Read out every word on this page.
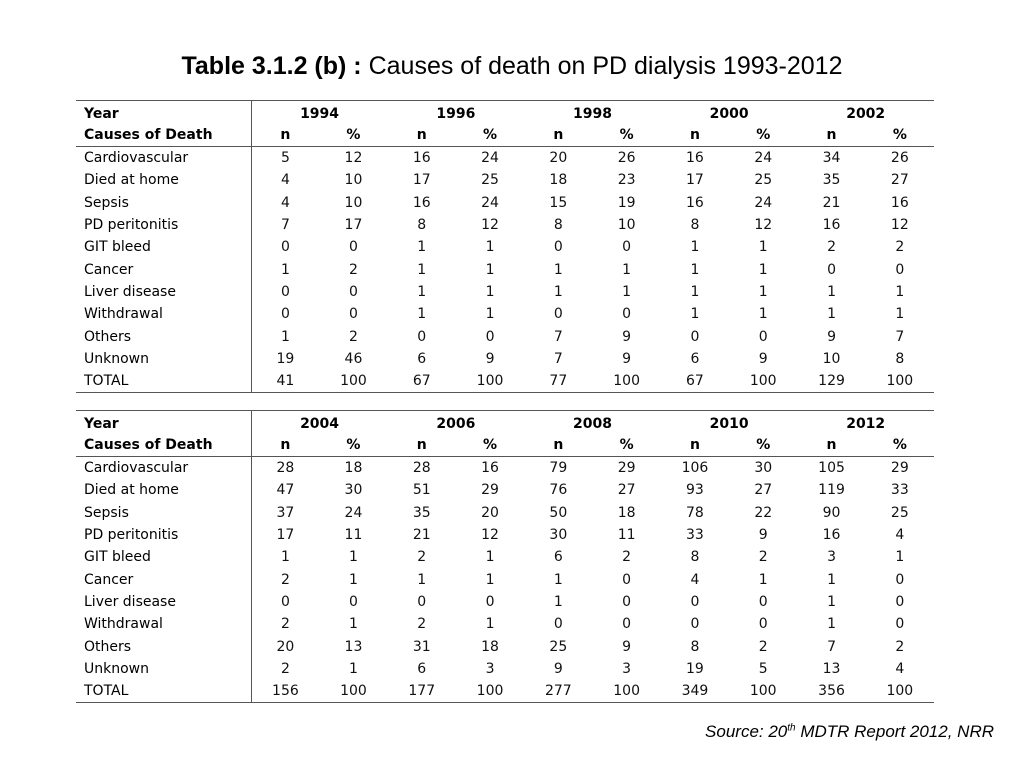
Table 3.1.2 (b) : Causes of death on PD dialysis 1993-2012
Year	1994		1996		1998		2000		2002	
Causes of Death	n	%	n	%	n	%	n	%	n	%
Cardiovascular	5	12	16	24	20	26	16	24	34	26
Died at home	4	10	17	25	18	23	17	25	35	27
Sepsis	4	10	16	24	15	19	16	24	21	16
PD peritonitis	7	17	8	12	8	10	8	12	16	12
GIT bleed	0	0	1	1	0	0	1	1	2	2
Cancer	1	2	1	1	1	1	1	1	0	0
Liver disease	0	0	1	1	1	1	1	1	1	1
Withdrawal	0	0	1	1	0	0	1	1	1	1
Others	1	2	0	0	7	9	0	0	9	7
Unknown	19	46	6	9	7	9	6	9	10	8
TOTAL	41	100	67	100	77	100	67	100	129	100
Year	2004		2006		2008		2010		2012	
Causes of Death	n	%	n	%	n	%	n	%	n	%
Cardiovascular	28	18	28	16	79	29	106	30	105	29
Died at home	47	30	51	29	76	27	93	27	119	33
Sepsis	37	24	35	20	50	18	78	22	90	25
PD peritonitis	17	11	21	12	30	11	33	9	16	4
GIT bleed	1	1	2	1	6	2	8	2	3	1
Cancer	2	1	1	1	1	0	4	1	1	0
Liver disease	0	0	0	0	1	0	0	0	1	0
Withdrawal	2	1	2	1	0	0	0	0	1	0
Others	20	13	31	18	25	9	8	2	7	2
Unknown	2	1	6	3	9	3	19	5	13	4
TOTAL	156	100	177	100	277	100	349	100	356	100
Source: 20th MDTR Report 2012, NRR
